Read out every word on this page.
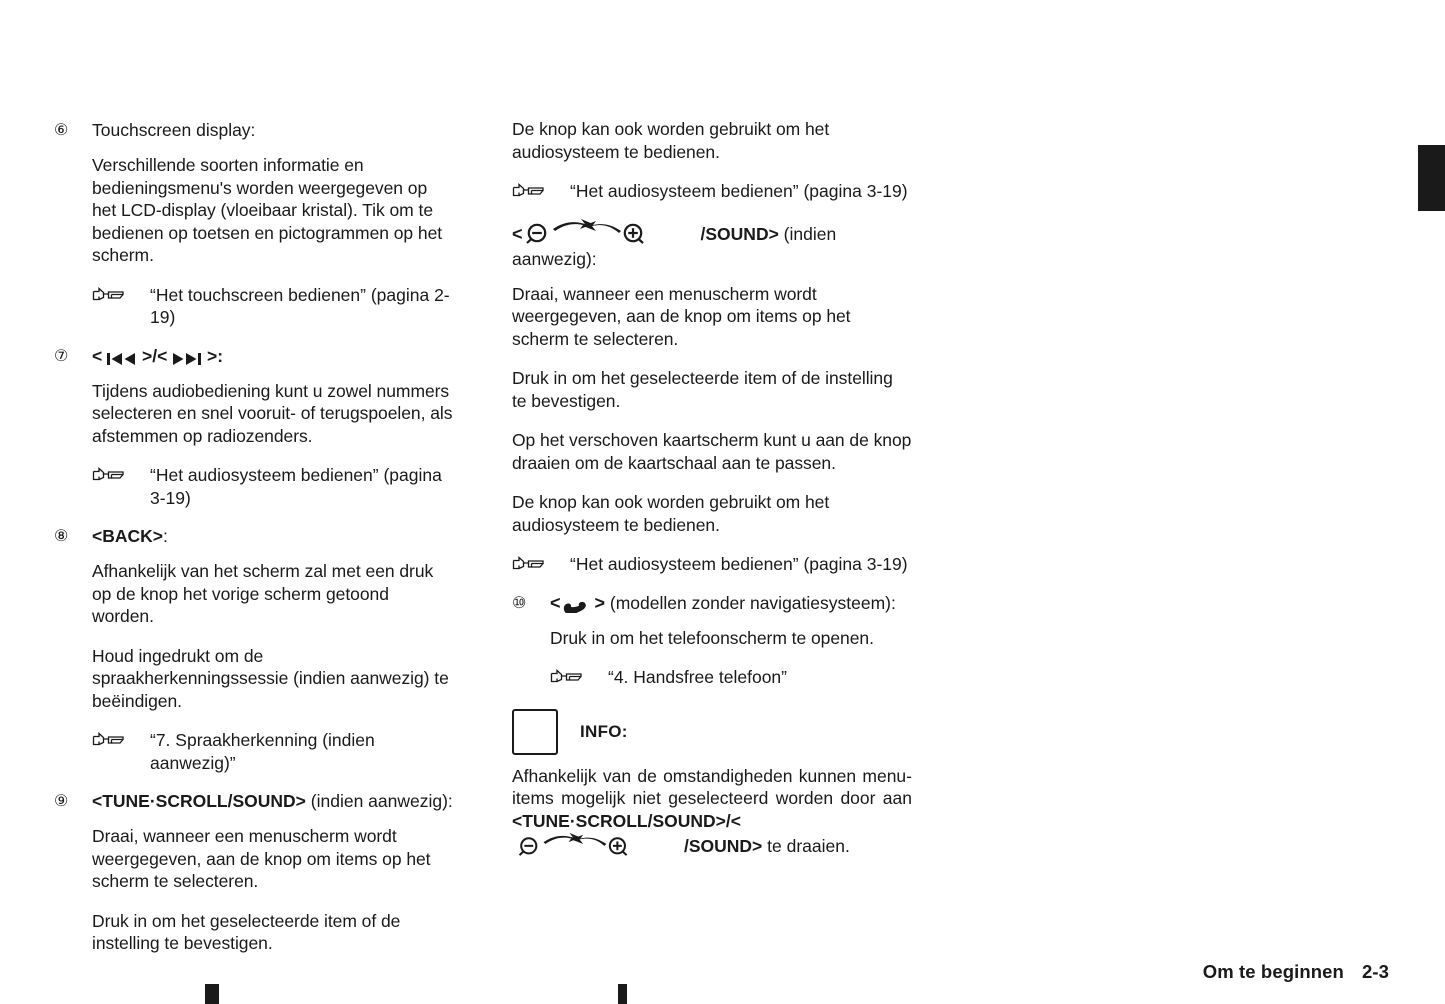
⑥	Touchscreen display:

Verschillende soorten informatie en bedieningsmenu's worden weergegeven op het LCD-display (vloeibaar kristal). Tik om te bedienen op toetsen en pictogrammen op het scherm.

“Het touchscreen bedienen” (pagina 2-19)
⑦	< >/< >:

Tijdens audiobediening kunt u zowel nummers selecteren en snel vooruit- of terugspoelen, als afstemmen op radiozenders.

“Het audiosysteem bedienen” (pagina 3-19)
⑧	<BACK>:

Afhankelijk van het scherm zal met een druk op de knop het vorige scherm getoond worden.

Houd ingedrukt om de spraakherkenningssessie (indien aanwezig) te beëindigen.

“7. Spraakherkenning (indien aanwezig)”
⑨	<TUNE·SCROLL/SOUND> (indien aanwezig):

Draai, wanneer een menuscherm wordt weergegeven, aan de knop om items op het scherm te selecteren.

Druk in om het geselecteerde item of de instelling te bevestigen.

De knop kan ook worden gebruikt om het audiosysteem te bedienen.

“Het audiosysteem bedienen” (pagina 3-19)
<	/SOUND> (indien aanwezig):

Draai, wanneer een menuscherm wordt weergegeven, aan de knop om items op het scherm te selecteren.

Druk in om het geselecteerde item of de instelling te bevestigen.

Op het verschoven kaartscherm kunt u aan de knop draaien om de kaartschaal aan te passen.

De knop kan ook worden gebruikt om het audiosysteem te bedienen.

“Het audiosysteem bedienen” (pagina 3-19)
⑩	< > (modellen zonder navigatiesysteem):

Druk in om het telefoonscherm te openen.

“4. Handsfree telefoon”
INFO:
Afhankelijk van de omstandigheden kunnen menu-items mogelijk niet geselecteerd worden door aan <TUNE·SCROLL/SOUND>/<
/SOUND> te draaien.
Om te beginnen 2-3
